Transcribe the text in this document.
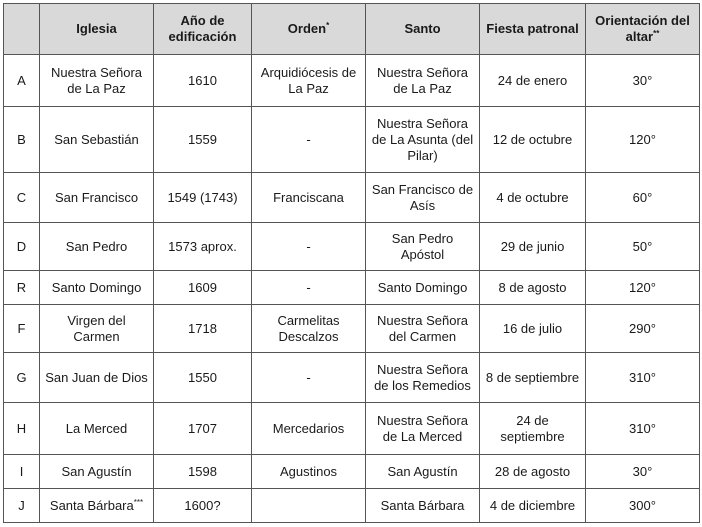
	Iglesia	Año de edificación	Orden*	Santo	Fiesta patronal	Orientación del altar**
A	Nuestra Señora de La Paz	1610	Arquidiócesis de La Paz	Nuestra Señora de La Paz	24 de enero	30°
B	San Sebastián	1559	-	Nuestra Señora de La Asunta (del Pilar)	12 de octubre	120°
C	San Francisco	1549 (1743)	Franciscana	San Francisco de Asís	4 de octubre	60°
D	San Pedro	1573 aprox.	-	San Pedro Apóstol	29 de junio	50°
R	Santo Domingo	1609	-	Santo Domingo	8 de agosto	120°
F	Virgen del Carmen	1718	Carmelitas Descalzos	Nuestra Señora del Carmen	16 de julio	290°
G	San Juan de Dios	1550	-	Nuestra Señora de los Remedios	8 de septiembre	310°
H	La Merced	1707	Mercedarios	Nuestra Señora de La Merced	24 de septiembre	310°
I	San Agustín	1598	Agustinos	San Agustín	28 de agosto	30°
J	Santa Bárbara***	1600?		Santa Bárbara	4 de diciembre	300°
